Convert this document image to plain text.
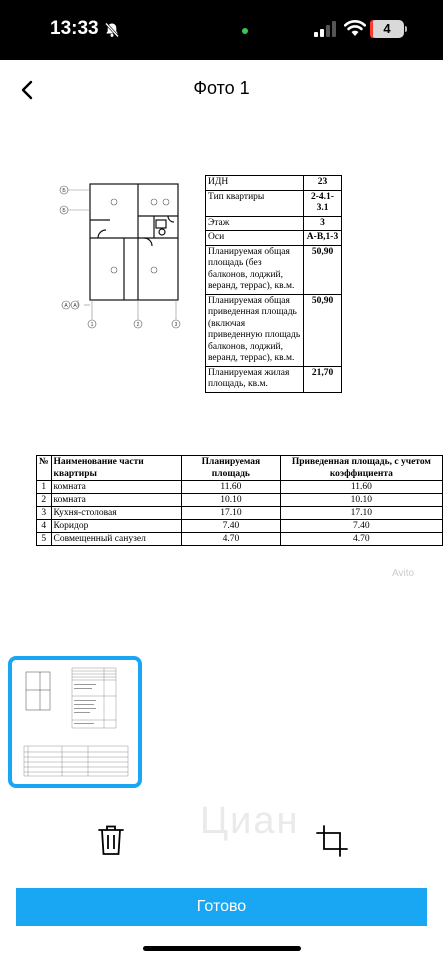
13:33	4
Фото 1
Б
Б
А А
1	2	3
ИДН	23
Тип квартиры	2-4.1-3.1
Этаж	3
Оси	А-В,1-3
Планируемая общая площадь (без балконов, лоджий, веранд, террас), кв.м.	50,90
Планируемая общая приведенная площадь (включая приведенную площадь балконов, лоджий, веранд, террас), кв.м.	50,90
Планируемая жилая площадь, кв.м.	21,70
№	Наименование части квартиры	Планируемая площадь	Приведенная площадь, с учетом коэффициента
1	комната	11.60	11.60
2	комната	10.10	10.10
3	Кухня-столовая	17.10	17.10
4	Коридор	7.40	7.40
5	Совмещенный санузел	4.70	4.70
Avito
Циан
Готово
